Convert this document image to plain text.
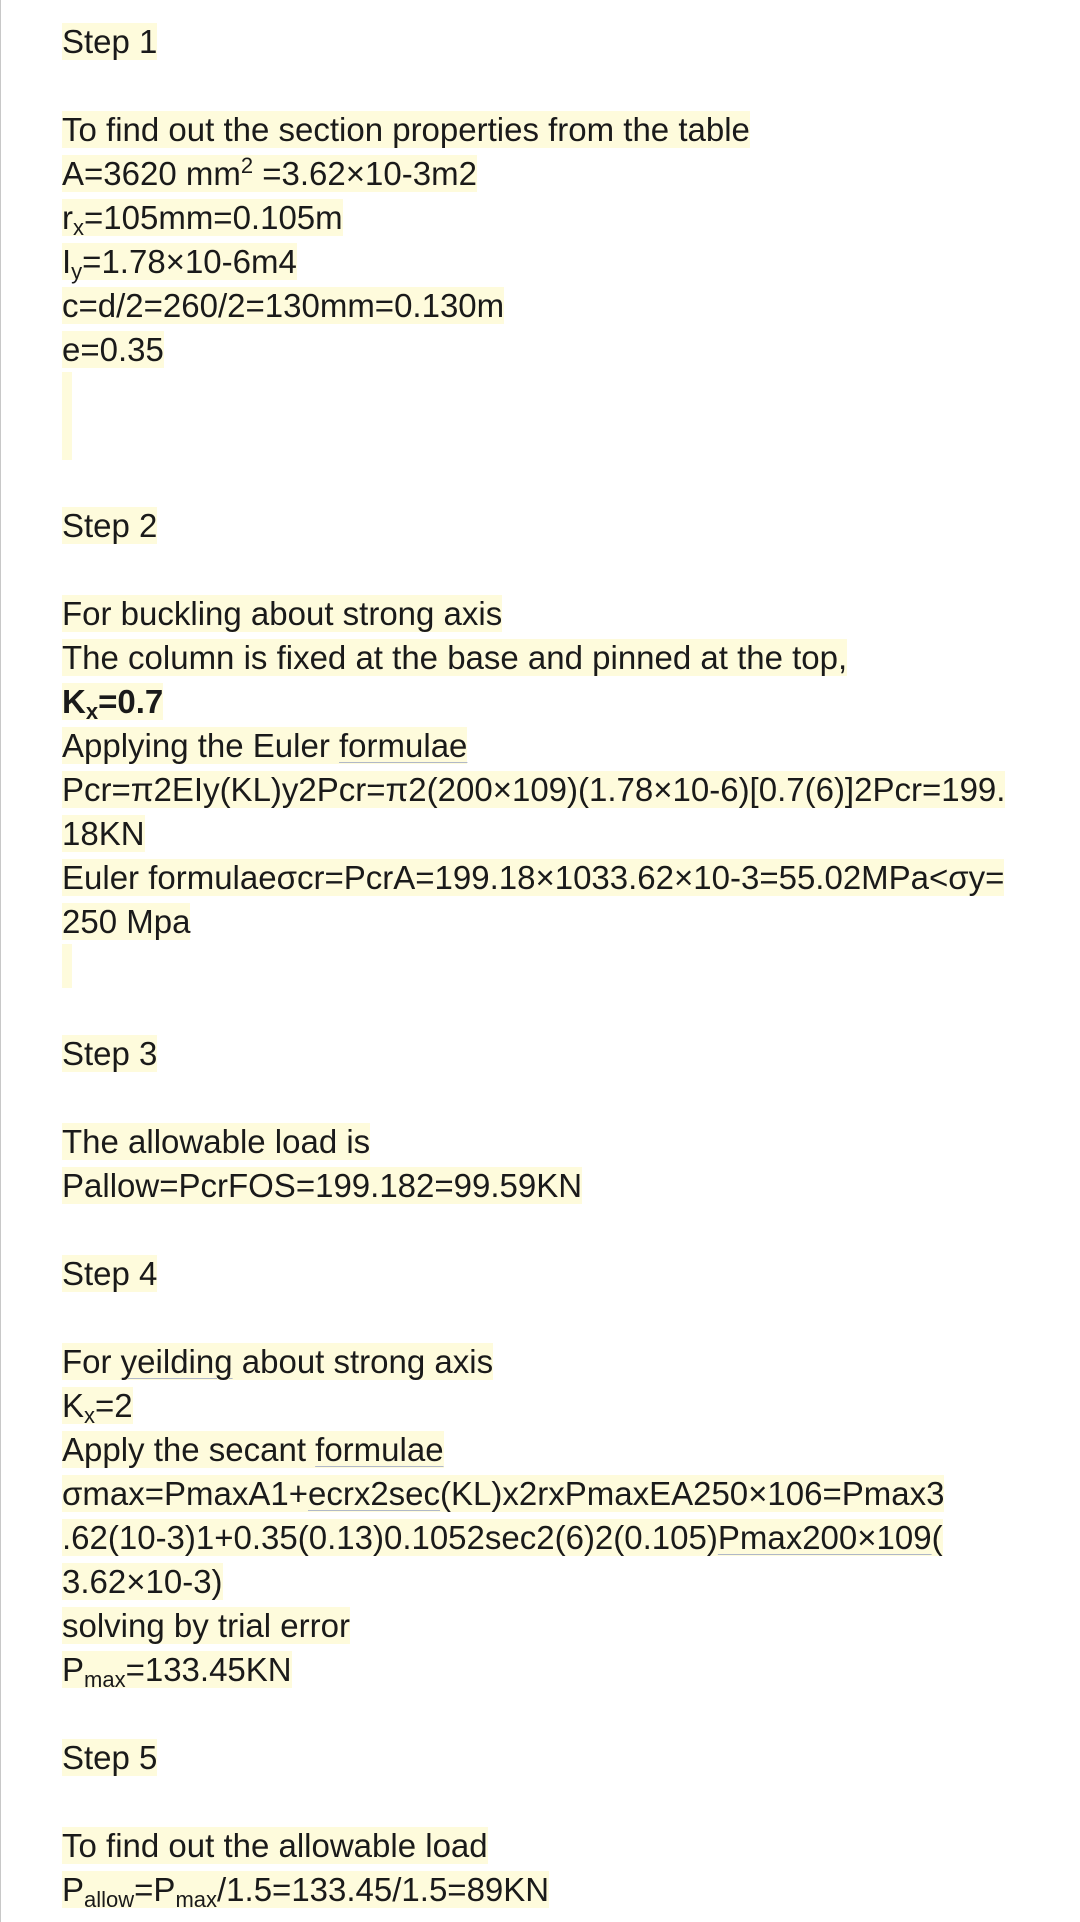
Step 1
To find out the section properties from the table
A=3620 $mm^2 =3.62\times 10-3m2$
$r_x=105mm=0.105m$
$I_y=1.78\times 10-6m4$
c=d/2=260/2=130mm=0.130m
e=0.35
Step 2
For buckling about strong axis
The column is fixed at the base and pinned at the top,
$K_x=0.7$
Applying the Euler formulae
Pcr=π2EIy(KL)y2Pcr=π2(200×109)(1.78×10-6)[0.7(6)]2Pcr=199.18KN
Euler formulaeσcr=PcrA=199.18×1033.62×10-3=55.02MPa<σy=250 Mpa
Step 3
The allowable load is
Pallow=PcrFOS=199.182=99.59KN
Step 4
For yeilding about strong axis
$K_x=2$
Apply the secant formulae
σmax=PmaxA1+ecrx2sec(KL)x2rxPmaxEA250×106=Pmax3
.62(10-3)1+0.35(0.13)0.1052sec2(6)2(0.105)Pmax200×109(
3.62×10-3)
solving by trial error
$P_{max}=133.45KN$
Step 5
To find out the allowable load
$P_{allow}=P_{max}/1.5=133.45/1.5=89KN$
